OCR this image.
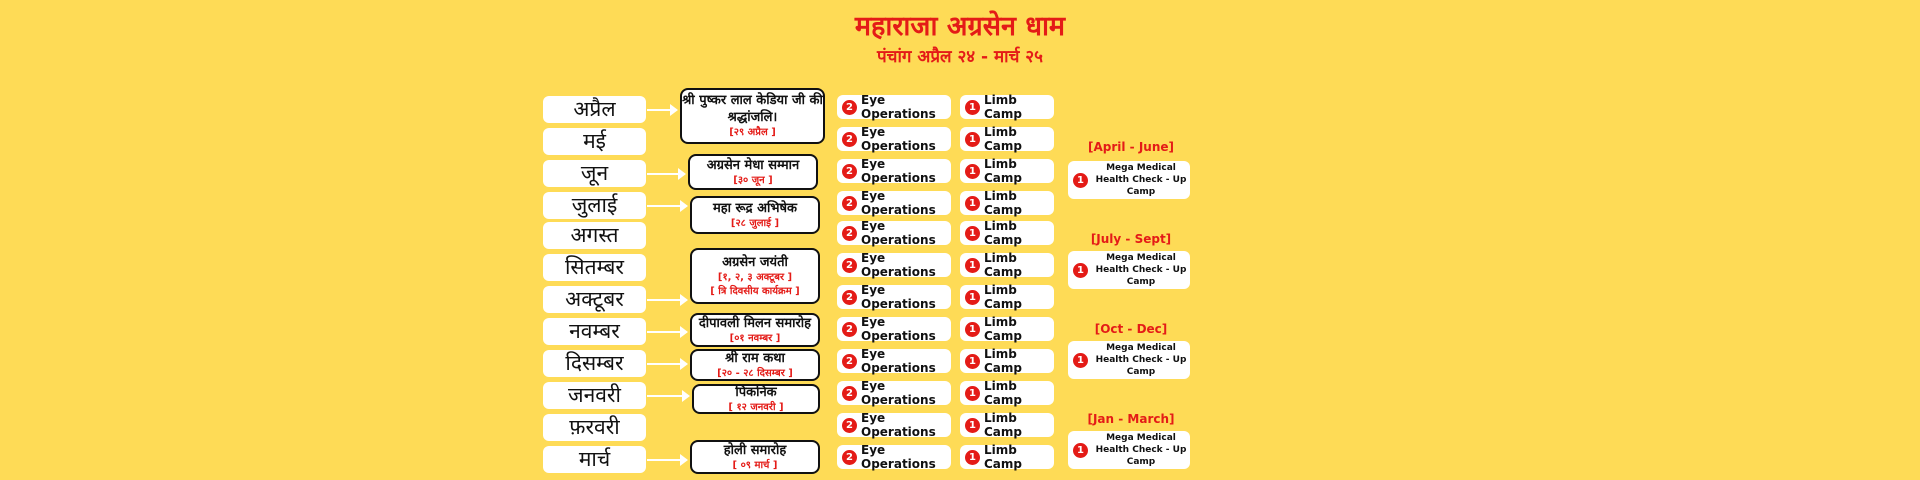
महाराजा अग्रसेन धाम
पंचांग अप्रैल २४ - मार्च २५
अप्रैल
मई
जून
जुलाई
अगस्त
सितम्बर
अक्टूबर
नवम्बर
दिसम्बर
जनवरी
फ़रवरी
मार्च
श्री पुष्कर लाल केडिया जी की श्रद्धांजलि।
[२९ अप्रैल ]
अग्रसेन मेधा सम्मान
[३० जून ]
महा रूद्र अभिषेक
[२८ जुलाई ]
अग्रसेन जयंती
[१, २, ३ अक्टूबर ]
[ त्रि दिवसीय कार्यक्रम ]
दीपावली मिलन समारोह
[०१ नवम्बर ]
श्री राम कथा
[२० - २८ दिसम्बर ]
पिकनिक
[ १२ जनवरी ]
होली समारोह
[ ०९ मार्च ]
2 Eye Operations	1 Limb Camp
2 Eye Operations	1 Limb Camp
2 Eye Operations	1 Limb Camp
2 Eye Operations	1 Limb Camp
2 Eye Operations	1 Limb Camp
2 Eye Operations	1 Limb Camp
2 Eye Operations	1 Limb Camp
2 Eye Operations	1 Limb Camp
2 Eye Operations	1 Limb Camp
2 Eye Operations	1 Limb Camp
2 Eye Operations	1 Limb Camp
2 Eye Operations	1 Limb Camp
[April - June]
1
Mega Medical Health Check - Up Camp
[July - Sept]
1
Mega Medical Health Check - Up Camp
[Oct - Dec]
1
Mega Medical Health Check - Up Camp
[Jan - March]
1
Mega Medical Health Check - Up Camp
